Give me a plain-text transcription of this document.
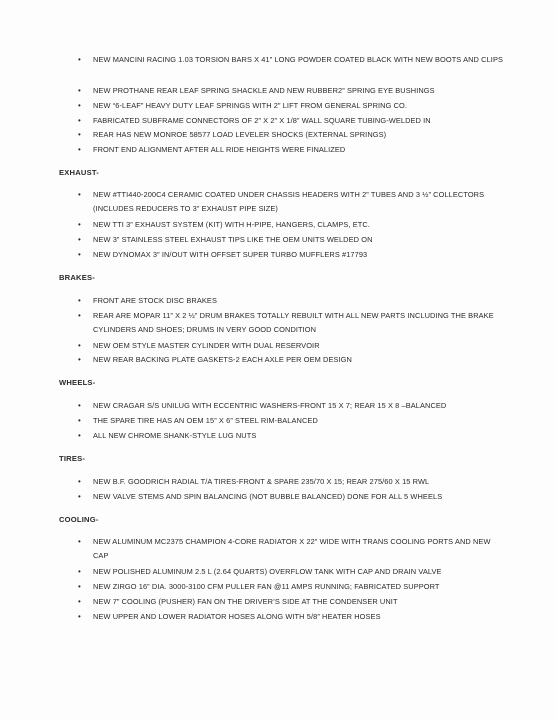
• NEW MANCINI RACING 1.03 TORSION BARS X 41” LONG POWDER COATED BLACK WITH NEW BOOTS AND CLIPS
• NEW PROTHANE REAR LEAF SPRING SHACKLE AND NEW RUBBER2” SPRING EYE BUSHINGS
• NEW “6-LEAF” HEAVY DUTY LEAF SPRINGS WITH 2” LIFT FROM GENERAL SPRING CO.
• FABRICATED SUBFRAME CONNECTORS OF 2” X 2” X 1/8” WALL SQUARE TUBING-WELDED IN
• REAR HAS NEW MONROE 58577 LOAD LEVELER SHOCKS (EXTERNAL SPRINGS)
• FRONT END ALIGNMENT AFTER ALL RIDE HEIGHTS WERE FINALIZED
EXHAUST-
• NEW #TTI440-200C4 CERAMIC COATED UNDER CHASSIS HEADERS WITH 2” TUBES AND 3 ½” COLLECTORS (INCLUDES REDUCERS TO 3” EXHAUST PIPE SIZE)
• NEW TTI 3” EXHAUST SYSTEM (KIT) WITH H-PIPE, HANGERS, CLAMPS, ETC.
• NEW 3” STAINLESS STEEL EXHAUST TIPS LIKE THE OEM UNITS WELDED ON
• NEW DYNOMAX 3” IN/OUT WITH OFFSET SUPER TURBO MUFFLERS #17793
BRAKES-
• FRONT ARE STOCK DISC BRAKES
• REAR ARE MOPAR 11” X 2 ½” DRUM BRAKES TOTALLY REBUILT WITH ALL NEW PARTS INCLUDING THE BRAKE CYLINDERS AND SHOES; DRUMS IN VERY GOOD CONDITION
• NEW OEM STYLE MASTER CYLINDER WITH DUAL RESERVOIR
• NEW REAR BACKING PLATE GASKETS-2 EACH AXLE PER OEM DESIGN
WHEELS-
• NEW CRAGAR S/S UNILUG WITH ECCENTRIC WASHERS-FRONT 15 X 7; REAR 15 X 8 –BALANCED
• THE SPARE TIRE HAS AN OEM 15” X 6” STEEL RIM-BALANCED
• ALL NEW CHROME SHANK-STYLE LUG NUTS
TIRES-
• NEW B.F. GOODRICH RADIAL T/A TIRES-FRONT & SPARE 235/70 X 15; REAR 275/60 X 15 RWL
• NEW VALVE STEMS AND SPIN BALANCING (NOT BUBBLE BALANCED) DONE FOR ALL 5 WHEELS
COOLING-
• NEW ALUMINUM MC2375 CHAMPION 4-CORE RADIATOR X 22” WIDE WITH TRANS COOLING PORTS AND NEW CAP
• NEW POLISHED ALUMINUM 2.5 L (2.64 QUARTS) OVERFLOW TANK WITH CAP AND DRAIN VALVE
• NEW ZIRGO 16” DIA. 3000-3100 CFM PULLER FAN @11 AMPS RUNNING; FABRICATED SUPPORT
• NEW 7” COOLING (PUSHER) FAN ON THE DRIVER’S SIDE AT THE CONDENSER UNIT
• NEW UPPER AND LOWER RADIATOR HOSES ALONG WITH 5/8” HEATER HOSES
